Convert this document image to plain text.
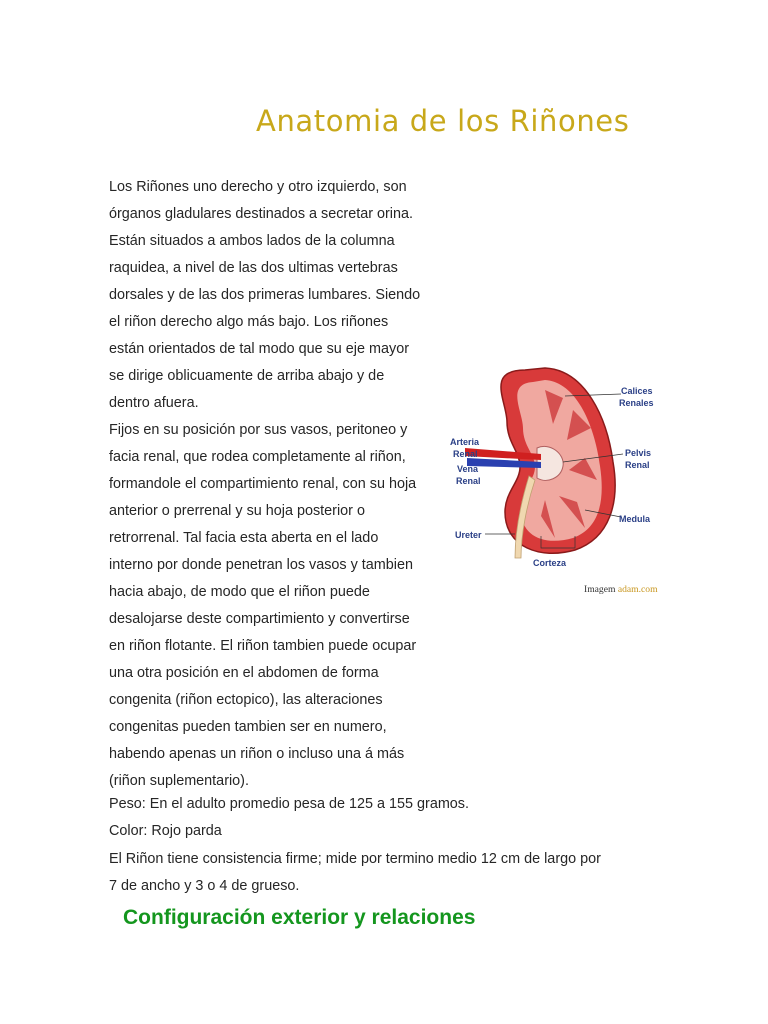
Anatomia de los Riñones
Los Riñones uno derecho y otro izquierdo, son
órganos gladulares destinados a secretar orina.
Están situados a ambos lados de la columna
raquidea, a nivel de las dos ultimas vertebras
dorsales y de las dos primeras lumbares. Siendo
el riñon derecho algo más bajo. Los riñones
están orientados de tal modo que su eje mayor
se dirige oblicuamente de arriba abajo y de
dentro afuera.
Fijos en su posición por sus vasos, peritoneo y
facia renal, que rodea completamente al riñon,
formandole el compartimiento renal, con su hoja
anterior o prerrenal y su hoja posterior o
retrorrenal. Tal facia esta aberta en el lado
interno por donde penetran los vasos y tambien
hacia abajo, de modo que el riñon puede
desalojarse deste compartimiento y convertirse
en riñon flotante. El riñon tambien puede ocupar
una otra posición en el abdomen de forma
congenita (riñon ectopico), las alteraciones
congenitas pueden tambien ser en numero,
habendo apenas un riñon o incluso una á más
(riñon suplementario).
Calices
Renales
Arteria
Renal
Vena
Renal
Pelvis
Renal
Medula
Ureter
Corteza
Imagem adam.com
Peso: En el adulto promedio pesa de 125 a 155 gramos.
Color: Rojo parda
El Riñon tiene consistencia firme; mide por termino medio 12 cm de largo por
7 de ancho y 3 o 4 de grueso.
Configuración exterior y relaciones
